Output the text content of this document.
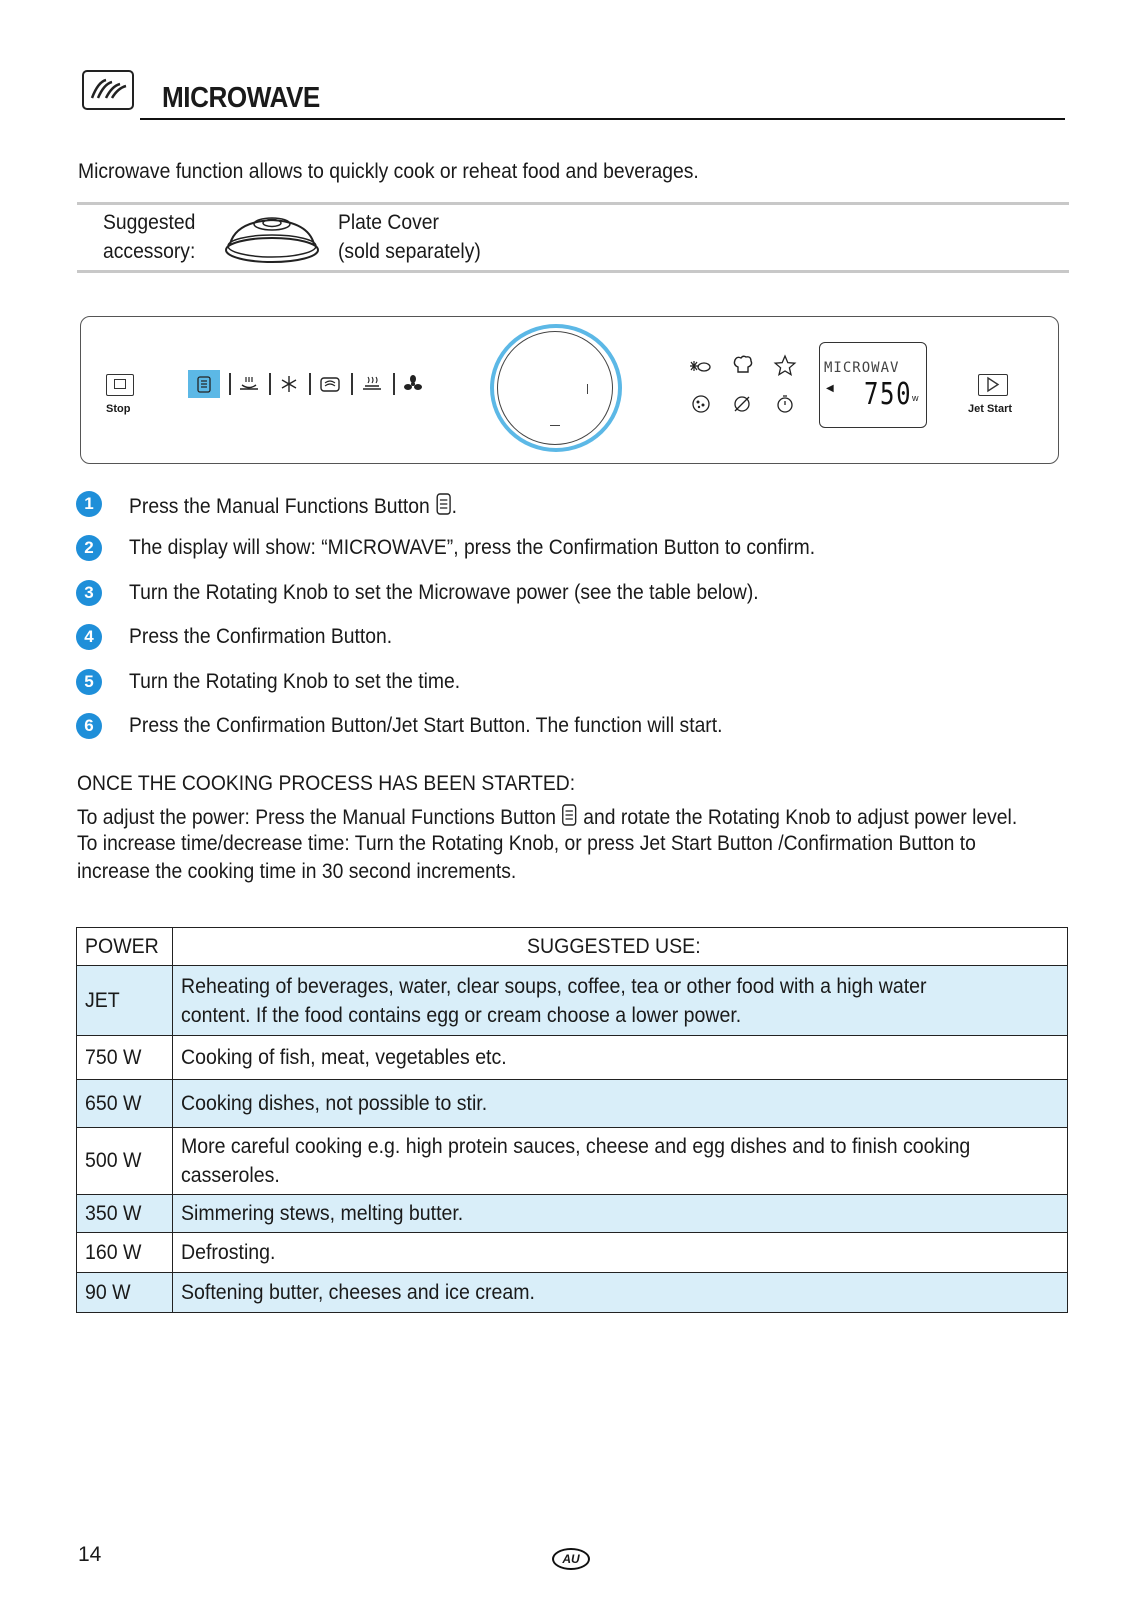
MICROWAVE
Microwave function allows to quickly cook or reheat food and beverages.
Suggested
accessory:
Plate Cover
(sold separately)
Stop
MICROWAV
◀ 750 w
Jet Start
1	Press the Manual Functions Button .
2	The display will show: “MICROWAVE”, press the Confirmation Button to confirm.
3	Turn the Rotating Knob to set the Microwave power (see the table below).
4	Press the Confirmation Button.
5	Turn the Rotating Knob to set the time.
6	Press the Confirmation Button/Jet Start Button. The function will start.
ONCE THE COOKING PROCESS HAS BEEN STARTED:
To adjust the power: Press the Manual Functions Button and rotate the Rotating Knob to adjust power level.
To increase time/decrease time: Turn the Rotating Knob, or press Jet Start Button /Confirmation Button to
increase the cooking time in 30 second increments.
POWER	SUGGESTED USE:
JET	Reheating of beverages, water, clear soups, coffee, tea or other food with a high water content. If the food contains egg or cream choose a lower power.
750 W	Cooking of fish, meat, vegetables etc.
650 W	Cooking dishes, not possible to stir.
500 W	More careful cooking e.g. high protein sauces, cheese and egg dishes and to finish cooking casseroles.
350 W	Simmering stews, melting butter.
160 W	Defrosting.
90 W	Softening butter, cheeses and ice cream.
14	AU
